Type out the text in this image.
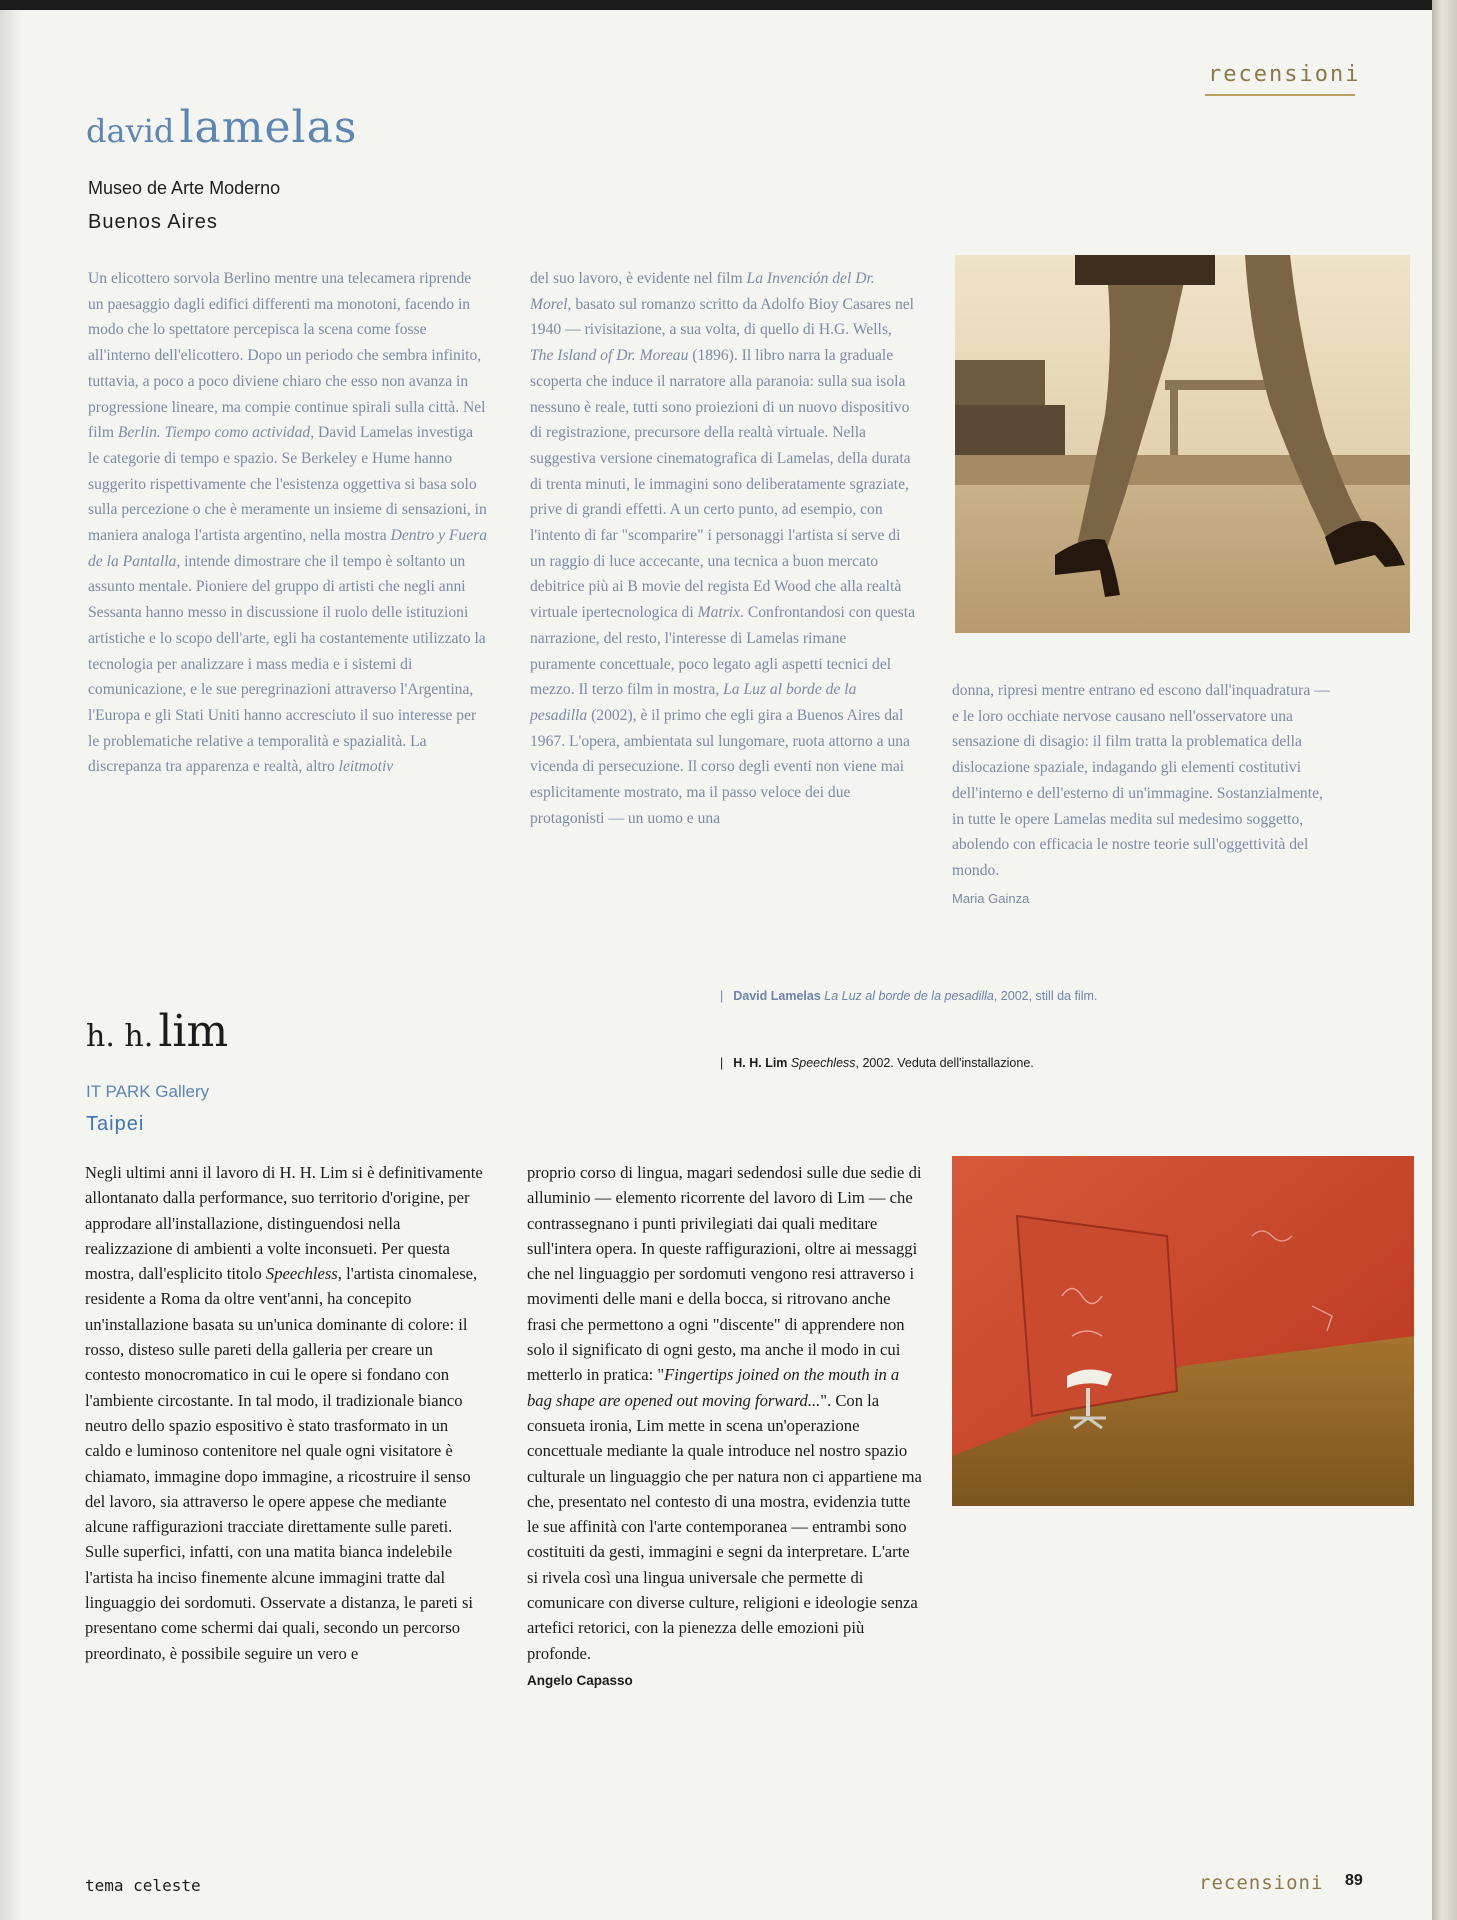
recensioni
david lamelas
Museo de Arte Moderno
Buenos Aires

Un elicottero sorvola Berlino mentre una telecamera riprende un paesaggio dagli edifici differenti ma monotoni, facendo in modo che lo spettatore percepisca la scena come fosse all'interno dell'elicottero. Dopo un periodo che sembra infinito, tuttavia, a poco a poco diviene chiaro che esso non avanza in progressione lineare, ma compie continue spirali sulla città. Nel film Berlin. Tiempo como actividad, David Lamelas investiga le categorie di tempo e spazio. Se Berkeley e Hume hanno suggerito rispettivamente che l'esistenza oggettiva si basa solo sulla percezione o che è meramente un insieme di sensazioni, in maniera analoga l'artista argentino, nella mostra Dentro y Fuera de la Pantalla, intende dimostrare che il tempo è soltanto un assunto mentale. Pioniere del gruppo di artisti che negli anni Sessanta hanno messo in discussione il ruolo delle istituzioni artistiche e lo scopo dell'arte, egli ha costantemente utilizzato la tecnologia per analizzare i mass media e i sistemi di comunicazione, e le sue peregrinazioni attraverso l'Argentina, l'Europa e gli Stati Uniti hanno accresciuto il suo interesse per le problematiche relative a temporalità e spazialità. La discrepanza tra apparenza e realtà, altro leitmotiv

del suo lavoro, è evidente nel film La Invención del Dr. Morel, basato sul romanzo scritto da Adolfo Bioy Casares nel 1940 — rivisitazione, a sua volta, di quello di H.G. Wells, The Island of Dr. Moreau (1896). Il libro narra la graduale scoperta che induce il narratore alla paranoia: sulla sua isola nessuno è reale, tutti sono proiezioni di un nuovo dispositivo di registrazione, precursore della realtà virtuale. Nella suggestiva versione cinematografica di Lamelas, della durata di trenta minuti, le immagini sono deliberatamente sgraziate, prive di grandi effetti. A un certo punto, ad esempio, con l'intento di far "scomparire" i personaggi l'artista si serve di un raggio di luce accecante, una tecnica a buon mercato debitrice più ai B movie del regista Ed Wood che alla realtà virtuale ipertecnologica di Matrix. Confrontandosi con questa narrazione, del resto, l'interesse di Lamelas rimane puramente concettuale, poco legato agli aspetti tecnici del mezzo. Il terzo film in mostra, La Luz al borde de la pesadilla (2002), è il primo che egli gira a Buenos Aires dal 1967. L'opera, ambientata sul lungomare, ruota attorno a una vicenda di persecuzione. Il corso degli eventi non viene mai esplicitamente mostrato, ma il passo veloce dei due protagonisti — un uomo e una

donna, ripresi mentre entrano ed escono dall'inquadratura — e le loro occhiate nervose causano nell'osservatore una sensazione di disagio: il film tratta la problematica della dislocazione spaziale, indagando gli elementi costitutivi dell'interno e dell'esterno di un'immagine. Sostanzialmente, in tutte le opere Lamelas medita sul medesimo soggetto, abolendo con efficacia le nostre teorie sull'oggettività del mondo.

Maria Gainza
| David Lamelas La Luz al borde de la pesadilla, 2002, still da film.
| H. H. Lim Speechless, 2002. Veduta dell'installazione.
h. h. lim
IT PARK Gallery
Taipei

Negli ultimi anni il lavoro di H. H. Lim si è definitivamente allontanato dalla performance, suo territorio d'origine, per approdare all'installazione, distinguendosi nella realizzazione di ambienti a volte inconsueti. Per questa mostra, dall'esplicito titolo Speechless, l'artista cinomalese, residente a Roma da oltre vent'anni, ha concepito un'installazione basata su un'unica dominante di colore: il rosso, disteso sulle pareti della galleria per creare un contesto monocromatico in cui le opere si fondano con l'ambiente circostante. In tal modo, il tradizionale bianco neutro dello spazio espositivo è stato trasformato in un caldo e luminoso contenitore nel quale ogni visitatore è chiamato, immagine dopo immagine, a ricostruire il senso del lavoro, sia attraverso le opere appese che mediante alcune raffigurazioni tracciate direttamente sulle pareti. Sulle superfici, infatti, con una matita bianca indelebile l'artista ha inciso finemente alcune immagini tratte dal linguaggio dei sordomuti. Osservate a distanza, le pareti si presentano come schermi dai quali, secondo un percorso preordinato, è possibile seguire un vero e

proprio corso di lingua, magari sedendosi sulle due sedie di alluminio — elemento ricorrente del lavoro di Lim — che contrassegnano i punti privilegiati dai quali meditare sull'intera opera. In queste raffigurazioni, oltre ai messaggi che nel linguaggio per sordomuti vengono resi attraverso i movimenti delle mani e della bocca, si ritrovano anche frasi che permettono a ogni "discente" di apprendere non solo il significato di ogni gesto, ma anche il modo in cui metterlo in pratica: "Fingertips joined on the mouth in a bag shape are opened out moving forward...". Con la consueta ironia, Lim mette in scena un'operazione concettuale mediante la quale introduce nel nostro spazio culturale un linguaggio che per natura non ci appartiene ma che, presentato nel contesto di una mostra, evidenzia tutte le sue affinità con l'arte contemporanea — entrambi sono costituiti da gesti, immagini e segni da interpretare. L'arte si rivela così una lingua universale che permette di comunicare con diverse culture, religioni e ideologie senza artefici retorici, con la pienezza delle emozioni più profonde.

Angelo Capasso
tema celeste	recensioni 89
